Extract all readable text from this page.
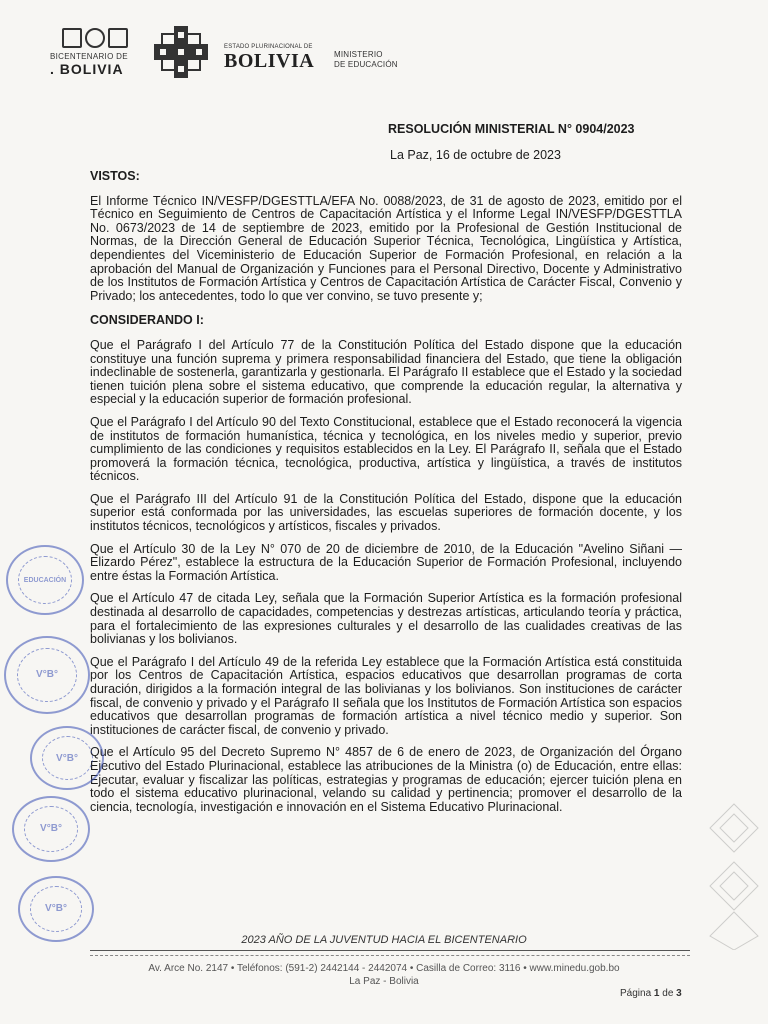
BICENTENARIO DE
. BOLIVIA
ESTADO PLURINACIONAL DE
BOLIVIA MINISTERIO
DE EDUCACIÓN
RESOLUCIÓN MINISTERIAL N° 0904/2023
La Paz, 16 de octubre de 2023
VISTOS:

El Informe Técnico IN/VESFP/DGESTTLA/EFA No. 0088/2023, de 31 de agosto de 2023, emitido por el Técnico en Seguimiento de Centros de Capacitación Artística y el Informe Legal IN/VESFP/DGESTTLA No. 0673/2023 de 14 de septiembre de 2023, emitido por la Profesional de Gestión Institucional de Normas, de la Dirección General de Educación Superior Técnica, Tecnológica, Lingüística y Artística, dependientes del Viceministerio de Educación Superior de Formación Profesional, en relación a la aprobación del Manual de Organización y Funciones para el Personal Directivo, Docente y Administrativo de los Institutos de Formación Artística y Centros de Capacitación Artística de Carácter Fiscal, Convenio y Privado; los antecedentes, todo lo que ver convino, se tuvo presente y;

CONSIDERANDO I:

Que el Parágrafo I del Artículo 77 de la Constitución Política del Estado dispone que la educación constituye una función suprema y primera responsabilidad financiera del Estado, que tiene la obligación indeclinable de sostenerla, garantizarla y gestionarla. El Parágrafo II establece que el Estado y la sociedad tienen tuición plena sobre el sistema educativo, que comprende la educación regular, la alternativa y especial y la educación superior de formación profesional.

Que el Parágrafo I del Artículo 90 del Texto Constitucional, establece que el Estado reconocerá la vigencia de institutos de formación humanística, técnica y tecnológica, en los niveles medio y superior, previo cumplimiento de las condiciones y requisitos establecidos en la Ley. El Parágrafo II, señala que el Estado promoverá la formación técnica, tecnológica, productiva, artística y lingüística, a través de institutos técnicos.

Que el Parágrafo III del Artículo 91 de la Constitución Política del Estado, dispone que la educación superior está conformada por las universidades, las escuelas superiores de formación docente, y los institutos técnicos, tecnológicos y artísticos, fiscales y privados.

Que el Artículo 30 de la Ley N° 070 de 20 de diciembre de 2010, de la Educación "Avelino Siñani — Elizardo Pérez", establece la estructura de la Educación Superior de Formación Profesional, incluyendo entre éstas la Formación Artística.

Que el Artículo 47 de citada Ley, señala que la Formación Superior Artística es la formación profesional destinada al desarrollo de capacidades, competencias y destrezas artísticas, articulando teoría y práctica, para el fortalecimiento de las expresiones culturales y el desarrollo de las cualidades creativas de las bolivianas y los bolivianos.

Que el Parágrafo I del Artículo 49 de la referida Ley establece que la Formación Artística está constituida por los Centros de Capacitación Artística, espacios educativos que desarrollan programas de corta duración, dirigidos a la formación integral de las bolivianas y los bolivianos. Son instituciones de carácter fiscal, de convenio y privado y el Parágrafo II señala que los Institutos de Formación Artística son espacios educativos que desarrollan programas de formación artística a nivel técnico medio y superior. Son instituciones de carácter fiscal, de convenio y privado.

Que el Artículo 95 del Decreto Supremo N° 4857 de 6 de enero de 2023, de Organización del Órgano Ejecutivo del Estado Plurinacional, establece las atribuciones de la Ministra (o) de Educación, entre ellas: Ejecutar, evaluar y fiscalizar las políticas, estrategias y programas de educación; ejercer tuición plena en todo el sistema educativo plurinacional, velando su calidad y pertinencia; promover el desarrollo de la ciencia, tecnología, investigación e innovación en el Sistema Educativo Plurinacional.

EDUCACIÓN
V°B°
V°B°
V°B°
V°B°
2023 AÑO DE LA JUVENTUD HACIA EL BICENTENARIO
Av. Arce No. 2147 • Teléfonos: (591-2) 2442144 - 2442074 • Casilla de Correo: 3116 • www.minedu.gob.bo
La Paz - Bolivia
Página 1 de 3
